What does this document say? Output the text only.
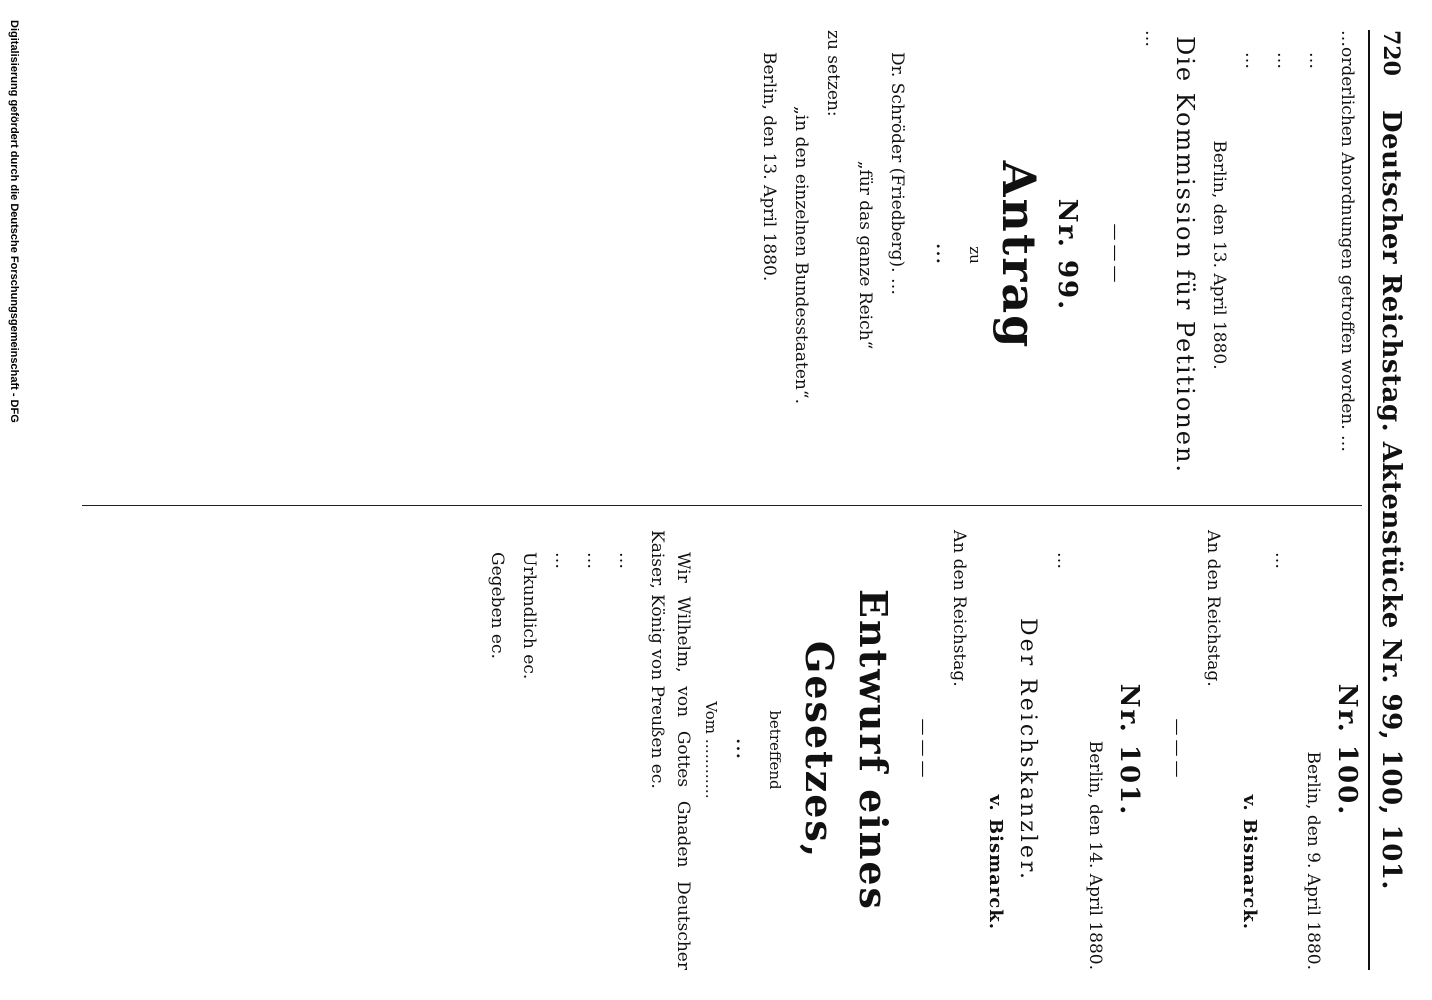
720
Deutscher Reichstag. Aktenstücke Nr. 99, 100, 101.

…orderlichen Anordnungen getroffen worden. …

…

…

…

Berlin, den 13. April 1880.

Die Kommission für Petitionen.

…

———

Nr. 99.

Antrag

zu

…

Dr. Schröder (Friedberg). …

„für das ganze Reich“

zu setzen:

„in den einzelnen Bundesstaaten“.

Berlin, den 13. April 1880.

Nr. 100.

Berlin, den 9. April 1880.

…

v. Bismarck.

An den Reichstag.

———

Nr. 101.

Berlin, den 14. April 1880.

…

Der Reichskanzler.

v. Bismarck.

An den Reichstag.

———

Entwurf eines Gesetzes,

betreffend

…

Vom …………

Wir Wilhelm, von Gottes Gnaden Deutscher Kaiser, König von Preußen ec.

…

…

…

Urkundlich ec.

Gegeben ec.

Digitalisierung gefördert durch die Deutsche Forschungsgemeinschaft - DFG
